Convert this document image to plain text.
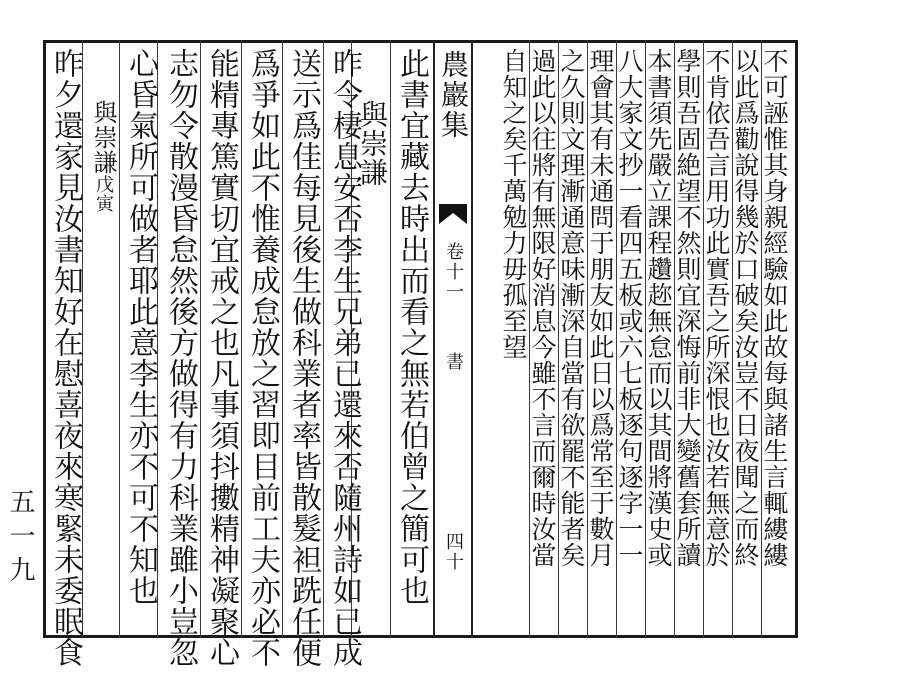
不可誣惟其身親經驗如此故每與諸生言輒縷縷
以此爲勸說得幾於口破矣汝豈不日夜聞之而終
不肯依吾言用功此實吾之所深恨也汝若無意於
學則吾固絶望不然則宜深悔前非大變舊套所讀
本書須先嚴立課程趲趂無怠而以其間將漢史或
八大家文抄一看四五板或六七板逐句逐字一一
理會其有未通問于朋友如此日以爲常至于數月
之久則文理漸通意味漸深自當有欲罷不能者矣
農巖集
卷十一
書
四十
此書宜藏去時出而看之無若伯曾之簡可也
與崇謙
昨令棲息安否李生兄弟已還來否隨州詩如已成
送示爲佳每見後生做科業者率皆散髮袒跣任便
爲爭如此不惟養成怠放之習即目前工夫亦必不
能精專篤實切宜戒之也凡事須抖擻精神凝聚心
志勿令散漫昏怠然後方做得有力科業雖小豈忽
心昏氣所可做者耶此意李生亦不可不知也
與崇謙戊寅
昨夕還家見汝書知好在慰喜夜來寒緊未委眠食
五一九	過此以往將有無限好消息今雖不言而爾時汝當
自知之矣千萬勉力毋孤至望
